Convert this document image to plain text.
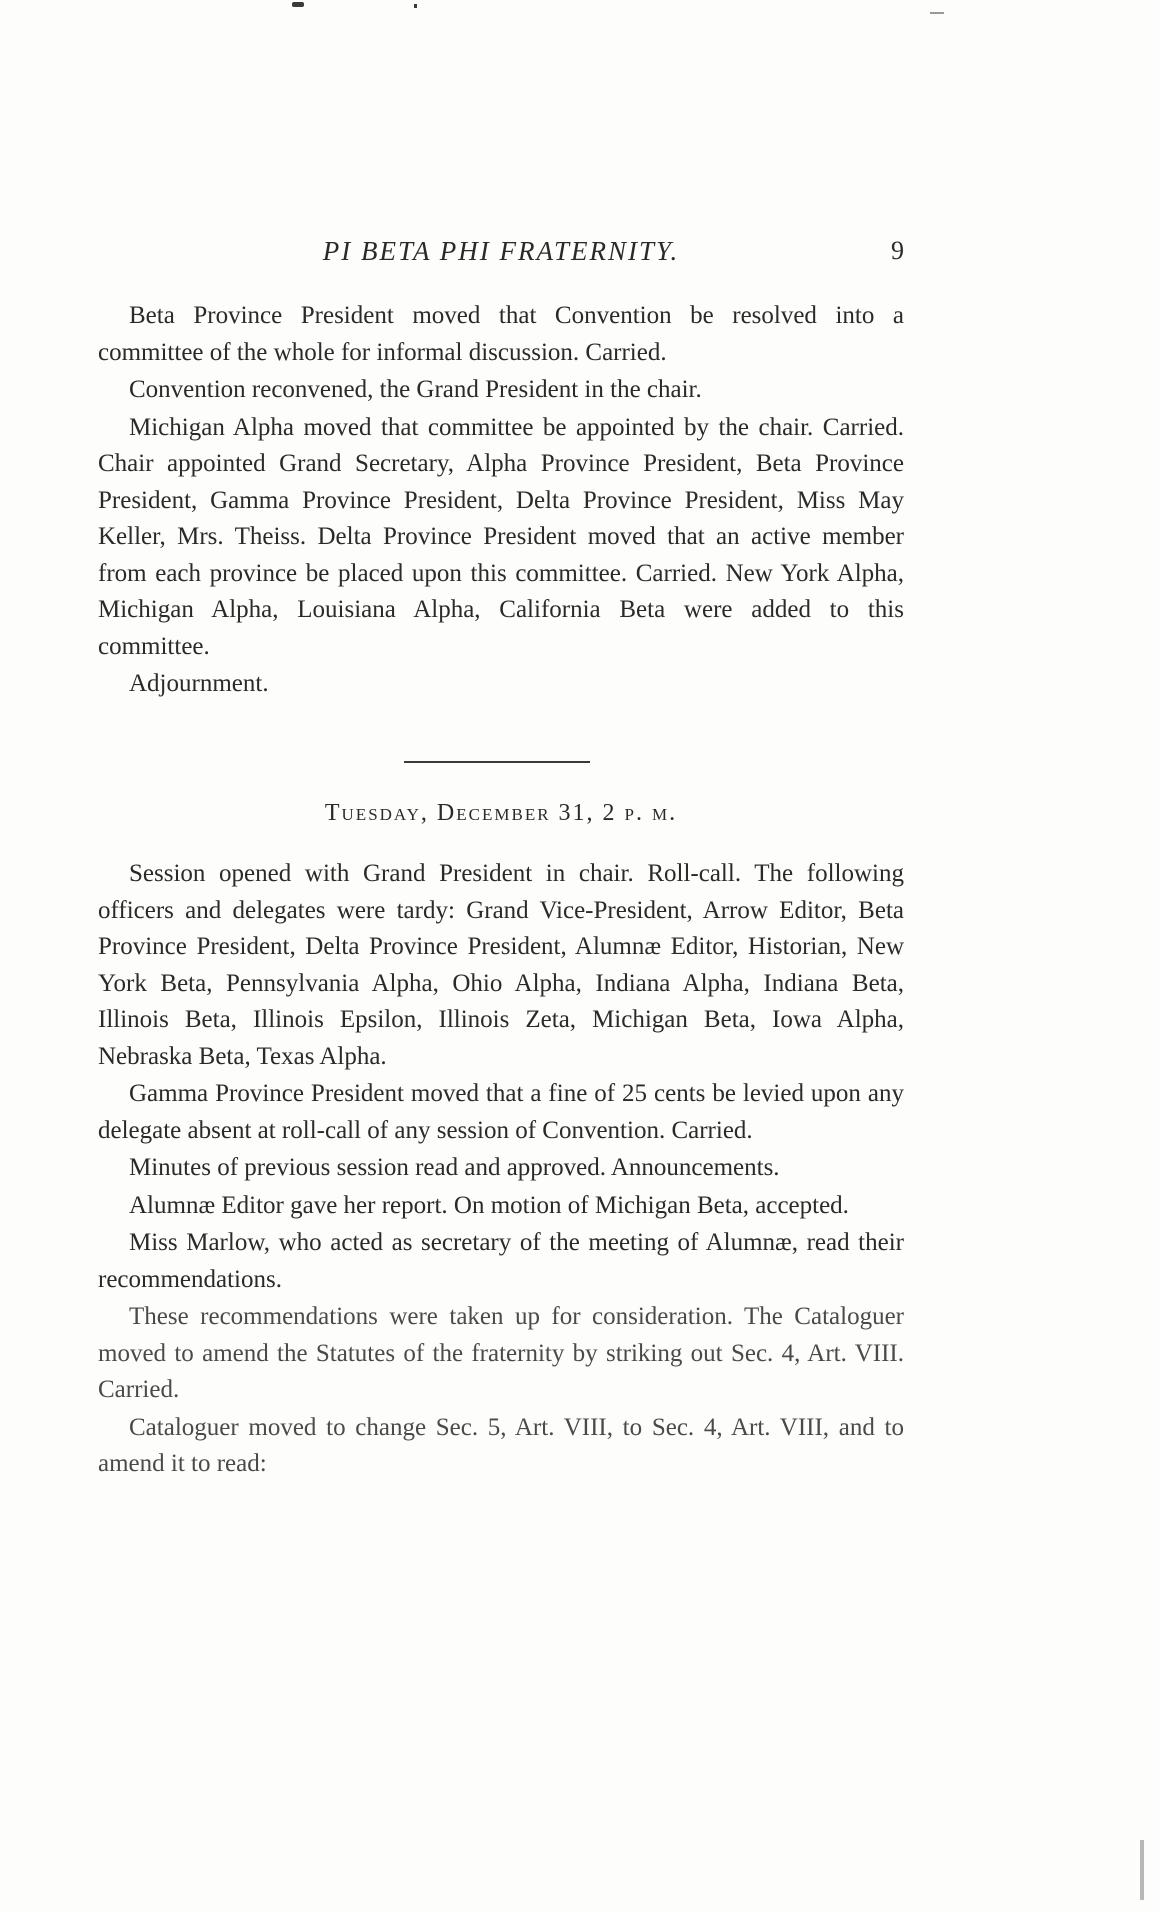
PI BETA PHI FRATERNITY.	9

Beta Province President moved that Convention be resolved into a committee of the whole for informal discussion. Carried.

Convention reconvened, the Grand President in the chair.

Michigan Alpha moved that committee be appointed by the chair. Carried. Chair appointed Grand Secretary, Alpha Province President, Beta Province President, Gamma Province President, Delta Province President, Miss May Keller, Mrs. Theiss. Delta Province President moved that an active member from each province be placed upon this committee. Carried. New York Alpha, Michigan Alpha, Louisiana Alpha, California Beta were added to this committee.

Adjournment.

Tuesday, December 31, 2 p. m.

Session opened with Grand President in chair. Roll-call. The following officers and delegates were tardy: Grand Vice-President, Arrow Editor, Beta Province President, Delta Province President, Alumnæ Editor, Historian, New York Beta, Pennsylvania Alpha, Ohio Alpha, Indiana Alpha, Indiana Beta, Illinois Beta, Illinois Epsilon, Illinois Zeta, Michigan Beta, Iowa Alpha, Nebraska Beta, Texas Alpha.

Gamma Province President moved that a fine of 25 cents be levied upon any delegate absent at roll-call of any session of Convention. Carried.

Minutes of previous session read and approved. Announcements.

Alumnæ Editor gave her report. On motion of Michigan Beta, accepted.

Miss Marlow, who acted as secretary of the meeting of Alumnæ, read their recommendations.

These recommendations were taken up for consideration. The Cataloguer moved to amend the Statutes of the fraternity by striking out Sec. 4, Art. VIII. Carried.

Cataloguer moved to change Sec. 5, Art. VIII, to Sec. 4, Art. VIII, and to amend it to read:
